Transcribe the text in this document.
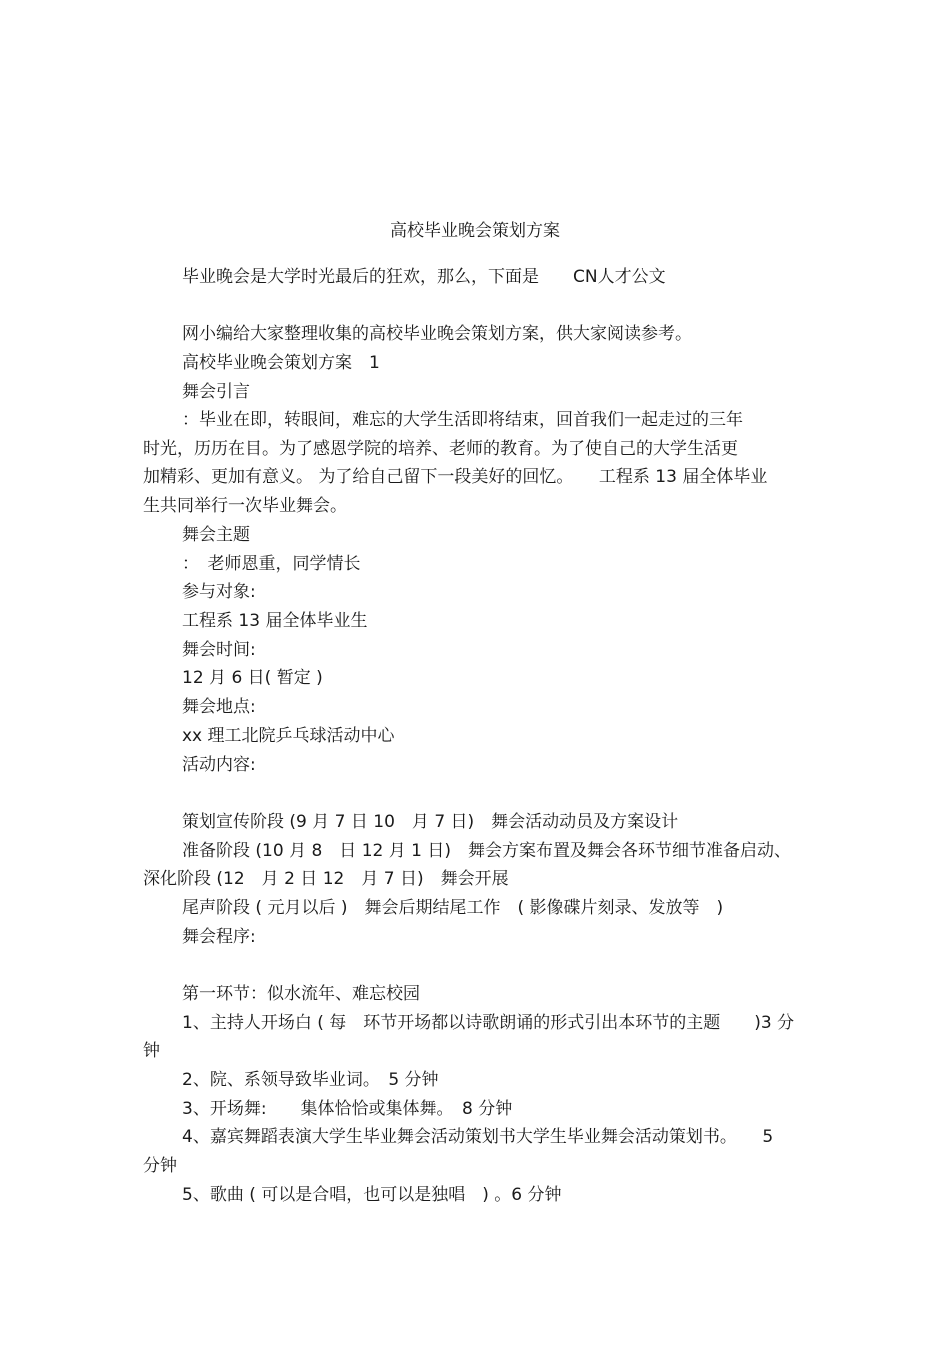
高校毕业晚会策划方案
毕业晚会是大学时光最后的狂欢，那么，下面是　　CN人才公文
网小编给大家整理收集的高校毕业晚会策划方案，供大家阅读参考。
高校毕业晚会策划方案　1
舞会引言
：毕业在即，转眼间，难忘的大学生活即将结束，回首我们一起走过的三年
时光，历历在目。为了感恩学院的培养、老师的教育。为了使自己的大学生活更
加精彩、更加有意义。 为了给自己留下一段美好的回忆。　　工程系 13 届全体毕业
生共同举行一次毕业舞会。
舞会主题
：　老师恩重，同学情长
参与对象:
工程系 13 届全体毕业生
舞会时间:
12 月 6 日( 暂定 )
舞会地点:
xx 理工北院乒乓球活动中心
活动内容:
策划宣传阶段 (9 月 7 日 10　月 7 日)　舞会活动动员及方案设计
准备阶段 (10 月 8　日 12 月 1 日)　舞会方案布置及舞会各环节细节准备启动、
深化阶段 (12　月 2 日 12　月 7 日)　舞会开展
尾声阶段 ( 元月以后 )　舞会后期结尾工作　( 影像碟片刻录、发放等　)
舞会程序:
第一环节：似水流年、难忘校园
1、主持人开场白 ( 每　环节开场都以诗歌朗诵的形式引出本环节的主题　　)3 分
钟
2、院、系领导致毕业词。　5 分钟
3、开场舞:　　集体恰恰或集体舞。　8 分钟
4、嘉宾舞蹈表演大学生毕业舞会活动策划书大学生毕业舞会活动策划书。　　5
分钟
5、歌曲 ( 可以是合唱，也可以是独唱　) 。6 分钟
